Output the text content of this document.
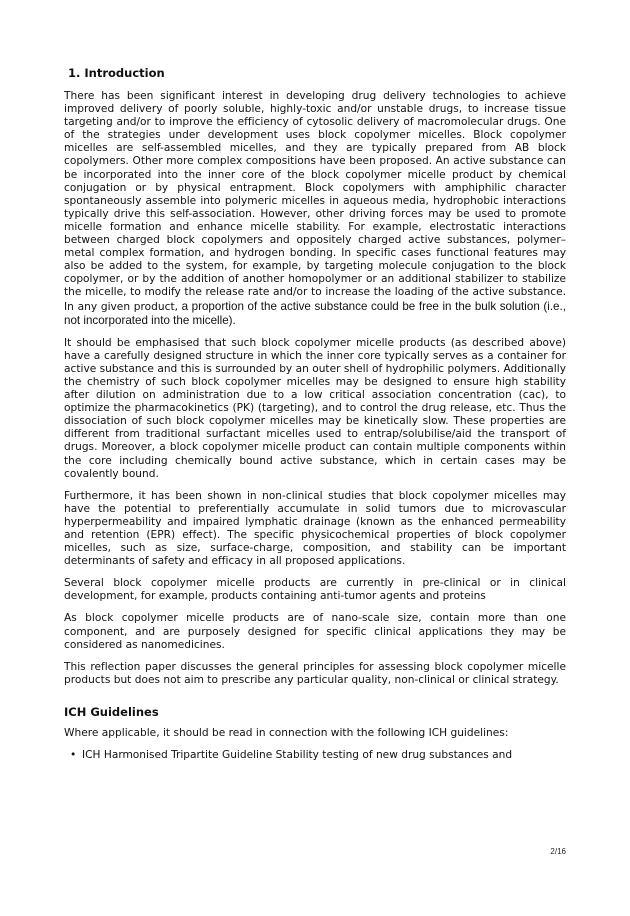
1. Introduction

There has been significant interest in developing drug delivery technologies to achieve improved delivery of poorly soluble, highly-toxic and/or unstable drugs, to increase tissue targeting and/or to improve the efficiency of cytosolic delivery of macromolecular drugs. One of the strategies under development uses block copolymer micelles. Block copolymer micelles are self-assembled micelles, and they are typically prepared from AB block copolymers. Other more complex compositions have been proposed. An active substance can be incorporated into the inner core of the block copolymer micelle product by chemical conjugation or by physical entrapment. Block copolymers with amphiphilic character spontaneously assemble into polymeric micelles in aqueous media, hydrophobic interactions typically drive this self-association. However, other driving forces may be used to promote micelle formation and enhance micelle stability. For example, electrostatic interactions between charged block copolymers and oppositely charged active substances, polymer–metal complex formation, and hydrogen bonding. In specific cases functional features may also be added to the system, for example, by targeting molecule conjugation to the block copolymer, or by the addition of another homopolymer or an additional stabilizer to stabilize the micelle, to modify the release rate and/or to increase the loading of the active substance. In any given product, a proportion of the active substance could be free in the bulk solution (i.e., not incorporated into the micelle).

It should be emphasised that such block copolymer micelle products (as described above) have a carefully designed structure in which the inner core typically serves as a container for active substance and this is surrounded by an outer shell of hydrophilic polymers. Additionally the chemistry of such block copolymer micelles may be designed to ensure high stability after dilution on administration due to a low critical association concentration (cac), to optimize the pharmacokinetics (PK) (targeting), and to control the drug release, etc. Thus the dissociation of such block copolymer micelles may be kinetically slow. These properties are different from traditional surfactant micelles used to entrap/solubilise/aid the transport of drugs. Moreover, a block copolymer micelle product can contain multiple components within the core including chemically bound active substance, which in certain cases may be covalently bound.

Furthermore, it has been shown in non-clinical studies that block copolymer micelles may have the potential to preferentially accumulate in solid tumors due to microvascular hyperpermeability and impaired lymphatic drainage (known as the enhanced permeability and retention (EPR) effect). The specific physicochemical properties of block copolymer micelles, such as size, surface-charge, composition, and stability can be important determinants of safety and efficacy in all proposed applications.

Several block copolymer micelle products are currently in pre-clinical or in clinical development, for example, products containing anti-tumor agents and proteins

As block copolymer micelle products are of nano-scale size, contain more than one component, and are purposely designed for specific clinical applications they may be considered as nanomedicines.

This reflection paper discusses the general principles for assessing block copolymer micelle products but does not aim to prescribe any particular quality, non-clinical or clinical strategy.

ICH Guidelines

Where applicable, it should be read in connection with the following ICH guidelines:

• ICH Harmonised Tripartite Guideline Stability testing of new drug substances and
2/16
